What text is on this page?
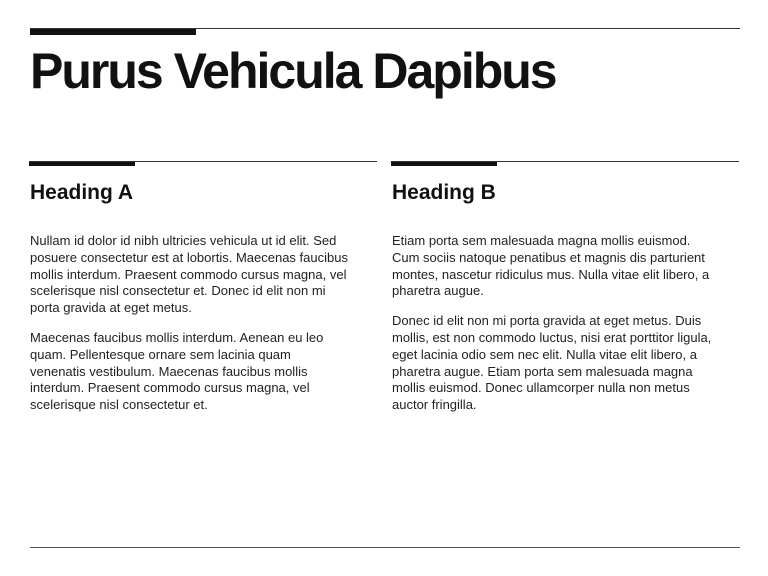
Purus Vehicula Dapibus
Heading A

Nullam id dolor id nibh ultricies vehicula ut id elit. Sed posuere consectetur est at lobortis. Maecenas faucibus mollis interdum. Praesent commodo cursus magna, vel scelerisque nisl consectetur et. Donec id elit non mi porta gravida at eget metus.

Maecenas faucibus mollis interdum. Aenean eu leo quam. Pellentesque ornare sem lacinia quam venenatis vestibulum. Maecenas faucibus mollis interdum. Praesent commodo cursus magna, vel scelerisque nisl consectetur et.

Heading B

Etiam porta sem malesuada magna mollis euismod. Cum sociis natoque penatibus et magnis dis parturient montes, nascetur ridiculus mus. Nulla vitae elit libero, a pharetra augue.

Donec id elit non mi porta gravida at eget metus. Duis mollis, est non commodo luctus, nisi erat porttitor ligula, eget lacinia odio sem nec elit. Nulla vitae elit libero, a pharetra augue. Etiam porta sem malesuada magna mollis euismod. Donec ullamcorper nulla non metus auctor fringilla.
